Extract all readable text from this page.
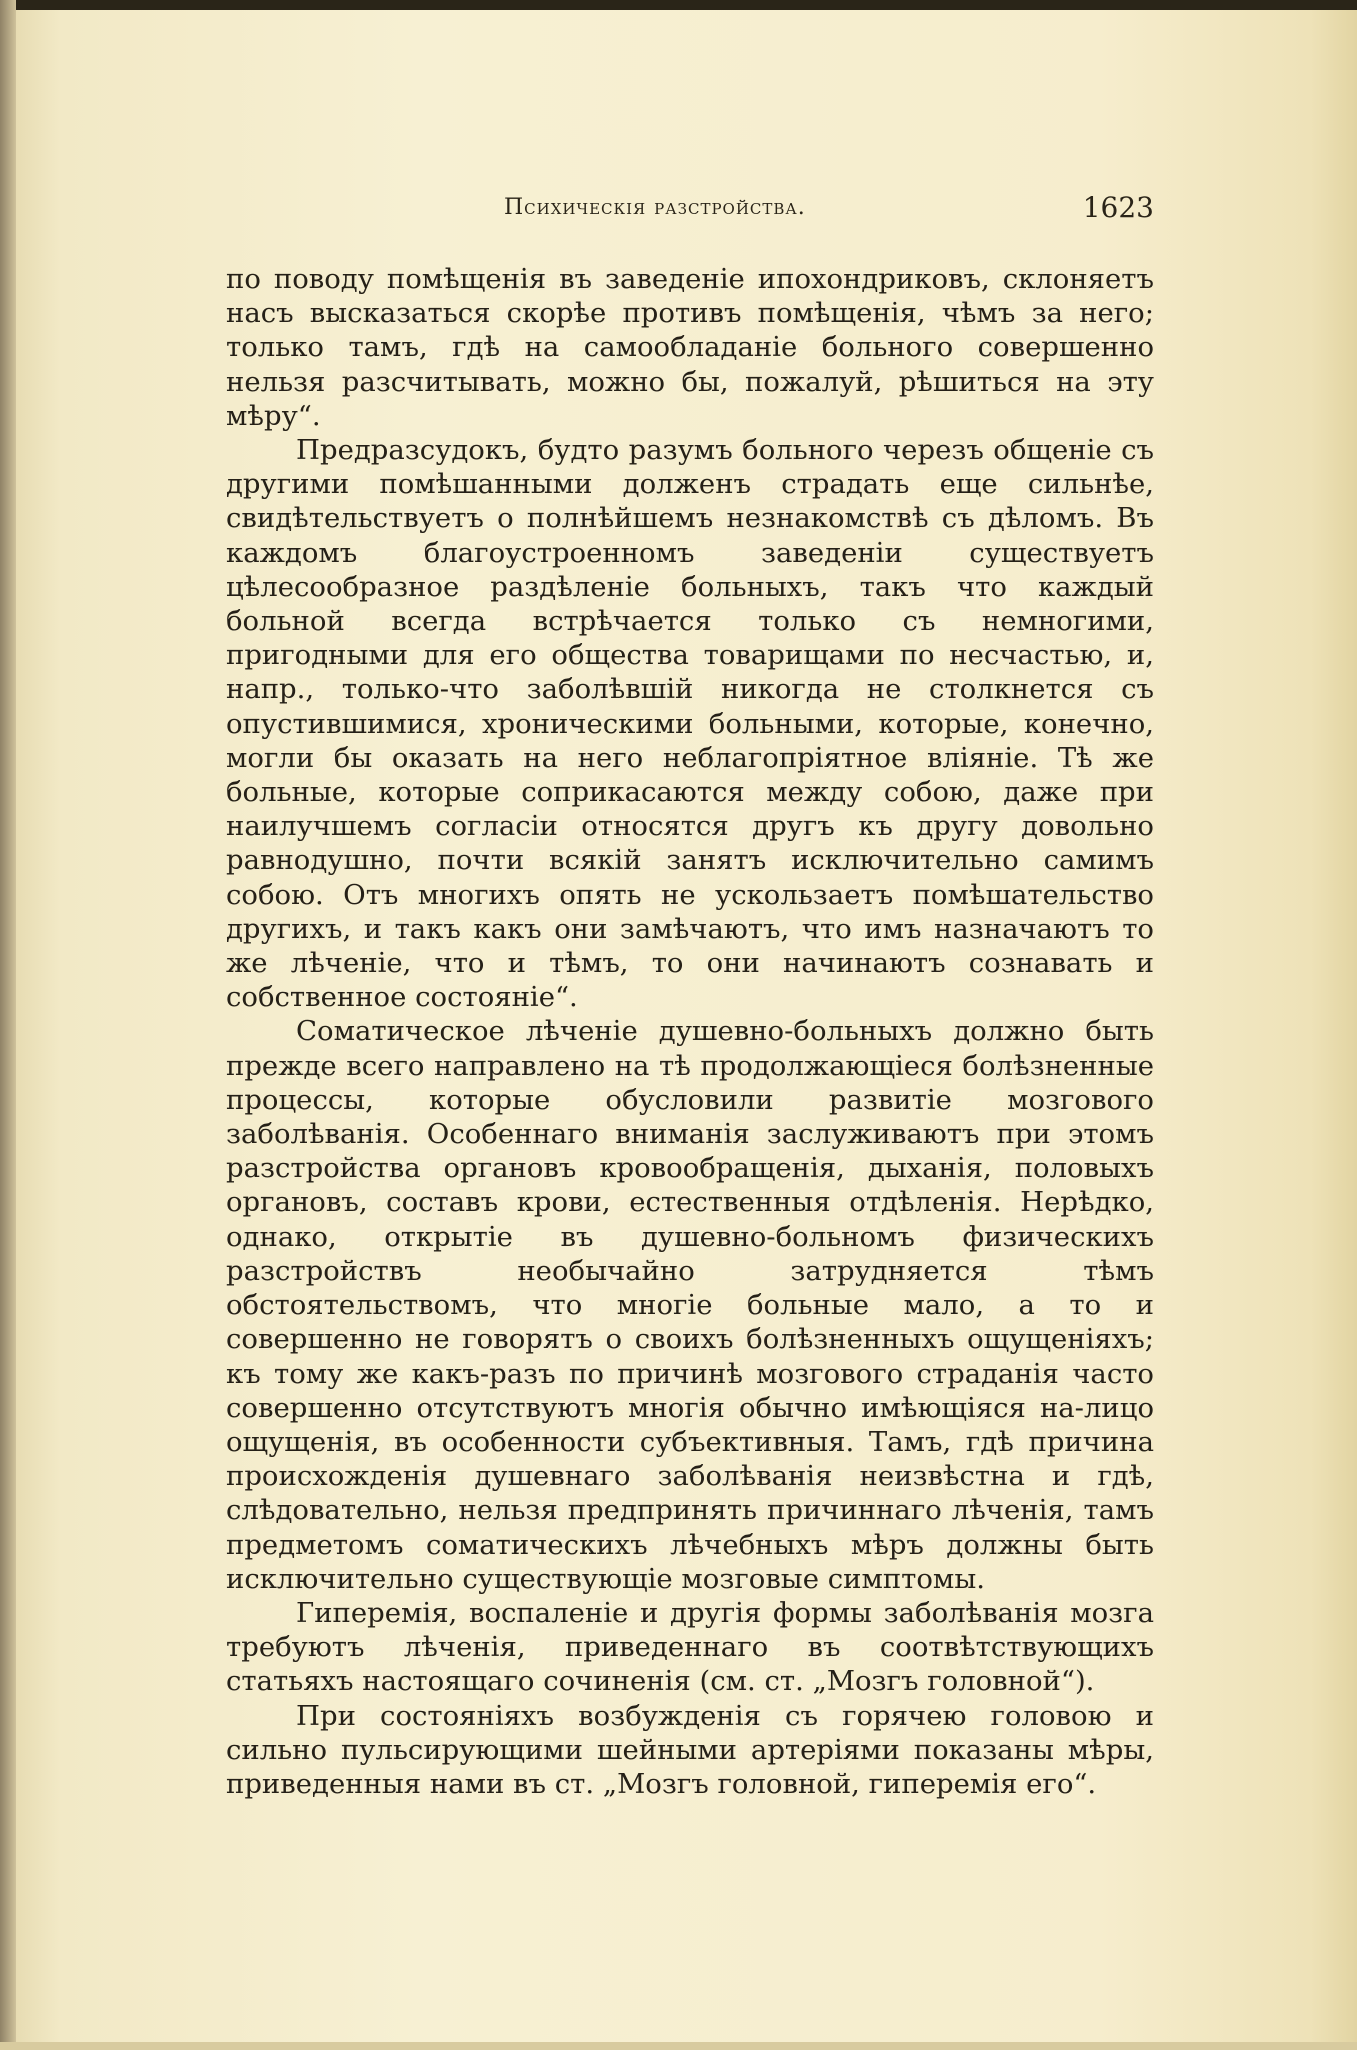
Психическія разстройства.	1623

по поводу помѣщенія въ заведеніе ипохондриковъ, склоняетъ насъ высказаться скорѣе противъ помѣщенія, чѣмъ за него; только тамъ, гдѣ на самообладаніе больного совершенно нельзя разсчитывать, можно бы, пожалуй, рѣшиться на эту мѣру“.

Предразсудокъ, будто разумъ больного черезъ общеніе съ другими помѣшанными долженъ страдать еще сильнѣе, свидѣтельствуетъ о полнѣйшемъ незнакомствѣ съ дѣломъ. Въ каждомъ благоустроенномъ заведеніи существуетъ цѣлесообразное раздѣленіе больныхъ, такъ что каждый больной всегда встрѣчается только съ немногими, пригодными для его общества товарищами по несчастью, и, напр., только-что заболѣвшій никогда не столкнется съ опустившимися, хроническими больными, которые, конечно, могли бы оказать на него неблагопріятное вліяніе. Тѣ же больные, которые соприкасаются между собою, даже при наилучшемъ согласіи относятся другъ къ другу довольно равнодушно, почти всякій занятъ исключительно самимъ собою. Отъ многихъ опять не ускользаетъ помѣшательство другихъ, и такъ какъ они замѣчаютъ, что имъ назначаютъ то же лѣченіе, что и тѣмъ, то они начинаютъ сознавать и собственное состояніе“.

Соматическое лѣченіе душевно-больныхъ должно быть прежде всего направлено на тѣ продолжающіеся болѣзненные процессы, которые обусловили развитіе мозгового заболѣванія. Особеннаго вниманія заслуживаютъ при этомъ разстройства органовъ кровообращенія, дыханія, половыхъ органовъ, составъ крови, естественныя отдѣленія. Нерѣдко, однако, открытіе въ душевно-больномъ физическихъ разстройствъ необычайно затрудняется тѣмъ обстоятельствомъ, что многіе больные мало, а то и совершенно не говорятъ о своихъ болѣзненныхъ ощущеніяхъ; къ тому же какъ-разъ по причинѣ мозгового страданія часто совершенно отсутствуютъ многія обычно имѣющіяся на-лицо ощущенія, въ особенности субъективныя. Тамъ, гдѣ причина происхожденія душевнаго заболѣванія неизвѣстна и гдѣ, слѣдовательно, нельзя предпринять причиннаго лѣченія, тамъ предметомъ соматическихъ лѣчебныхъ мѣръ должны быть исключительно существующіе мозговые симптомы.

Гиперемія, воспаленіе и другія формы заболѣванія мозга требуютъ лѣченія, приведеннаго въ соотвѣтствующихъ статьяхъ настоящаго сочиненія (см. ст. „Мозгъ головной“).

При состояніяхъ возбужденія съ горячею головою и сильно пульсирующими шейными артеріями показаны мѣры, приведенныя нами въ ст. „Мозгъ головной, гиперемія его“.
